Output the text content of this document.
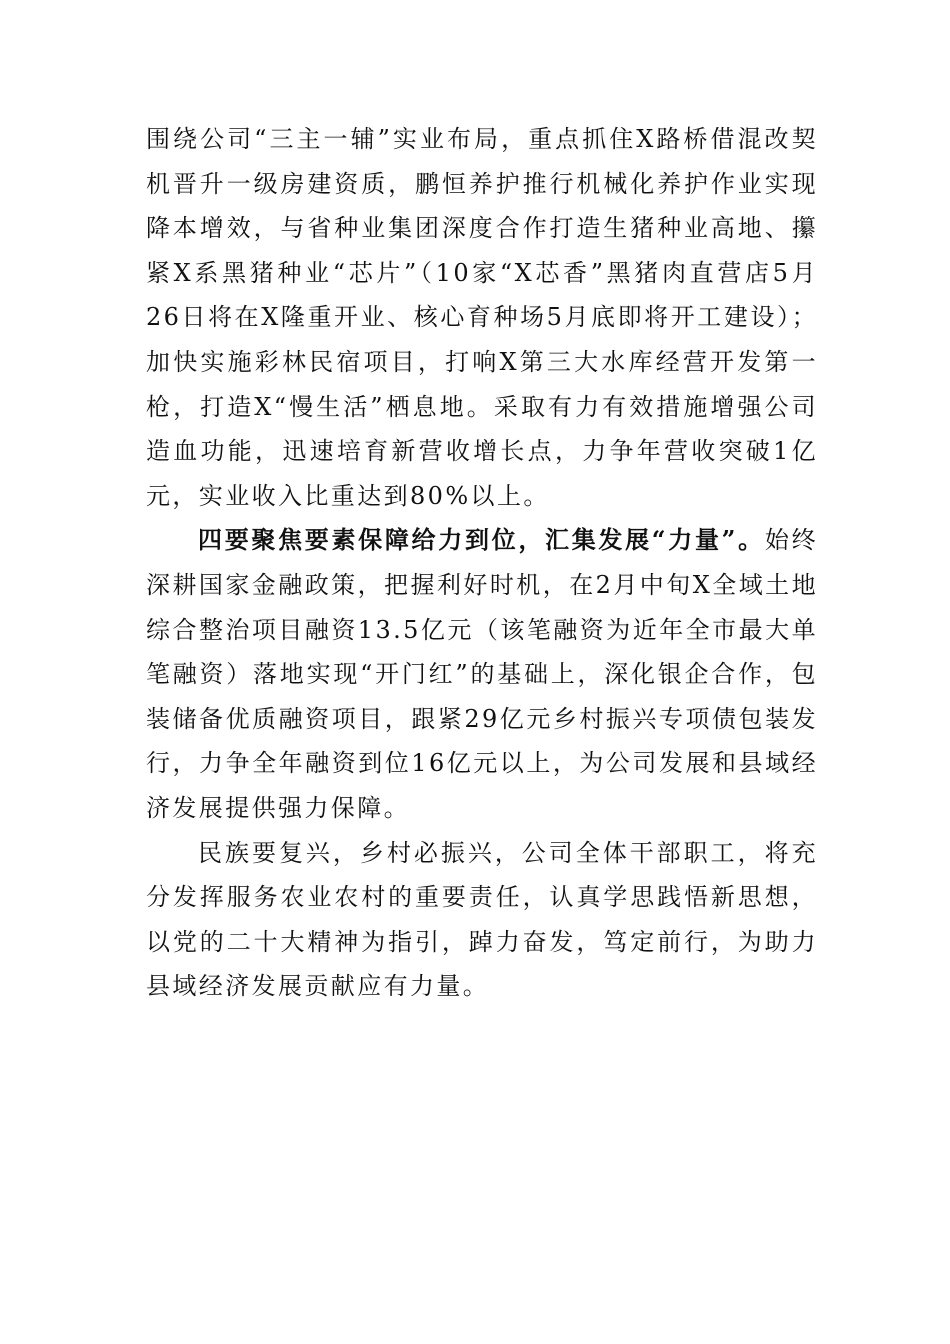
围绕公司“三主一辅”实业布局，重点抓住X路桥借混改契机晋升一级房建资质，鹏恒养护推行机械化养护作业实现降本增效，与省种业集团深度合作打造生猪种业高地、攥紧X系黑猪种业“芯片”（10家“X芯香”黑猪肉直营店5月26日将在X隆重开业、核心育种场5月底即将开工建设）；加快实施彩林民宿项目，打响X第三大水库经营开发第一枪，打造X“慢生活”栖息地。采取有力有效措施增强公司造血功能，迅速培育新营收增长点，力争年营收突破1亿元，实业收入比重达到80%以上。

四要聚焦要素保障给力到位，汇集发展“力量”。始终深耕国家金融政策，把握利好时机，在2月中旬X全域土地综合整治项目融资13.5亿元（该笔融资为近年全市最大单笔融资）落地实现“开门红”的基础上，深化银企合作，包装储备优质融资项目，跟紧29亿元乡村振兴专项债包装发行，力争全年融资到位16亿元以上，为公司发展和县域经济发展提供强力保障。

民族要复兴，乡村必振兴，公司全体干部职工，将充分发挥服务农业农村的重要责任，认真学思践悟新思想，以党的二十大精神为指引，踔力奋发，笃定前行，为助力县域经济发展贡献应有力量。
